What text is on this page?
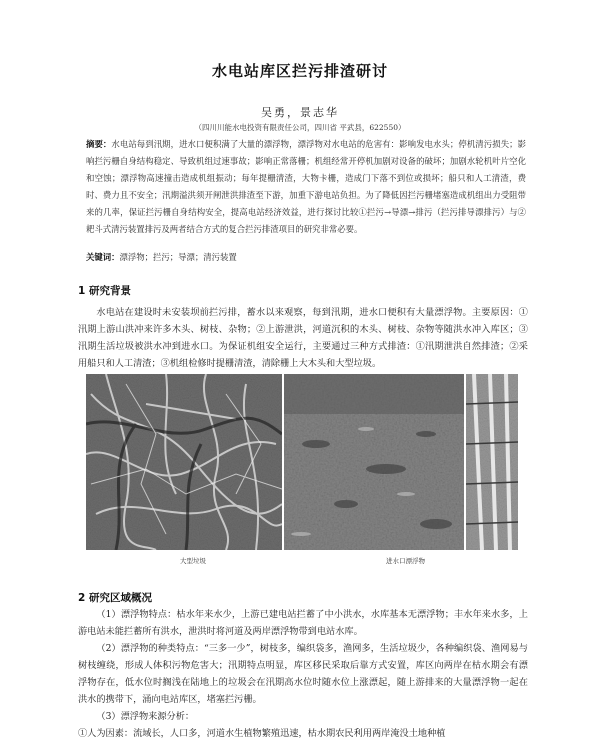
水电站库区拦污排渣研讨
吴勇，景志华
（四川川能水电投资有限责任公司，四川省 平武县，622550）
摘要：水电站每到汛期，进水口便积满了大量的漂浮物，漂浮物对水电站的危害有：影响发电水头；停机清污损失；影响拦污栅自身结构稳定、导致机组过速事故；影响正常落栅；机组经常开停机加剧对设备的破坏；加剧水轮机叶片空化和空蚀；漂浮物高速撞击造成机组振动；每年提栅清渣，大物卡栅，造成门下落不到位或损坏；船只和人工清渣，费时、费力且不安全；汛期溢洪须开闸泄洪排渣至下游，加重下游电站负担。为了降低因拦污栅堵塞造成机组出力受阻带来的几率，保证拦污栅自身结构安全，提高电站经济效益，进行探讨比较①拦污→导漂→排污（拦污排导漂排污）与②耙斗式清污装置排污及两者结合方式的复合拦污排渣项目的研究非常必要。
关键词：漂浮物；拦污；导漂；清污装置
1 研究背景

水电站在建设时未安装坝前拦污排，蓄水以来观察，每到汛期，进水口便积有大量漂浮物。主要原因：①汛期上游山洪冲来许多木头、树枝、杂物；②上游泄洪，河道沉积的木头、树枝、杂物等随洪水冲入库区；③汛期生活垃圾被洪水冲到进水口。为保证机组安全运行，主要通过三种方式排渣：①汛期泄洪自然排渣；②采用船只和人工清渣；③机组检修时提栅清渣，清除栅上大木头和大型垃圾。

大型垃圾	进水口漂浮物
2 研究区域概况

（1）漂浮物特点：枯水年来水少，上游已建电站拦蓄了中小洪水，水库基本无漂浮物；丰水年来水多，上游电站未能拦蓄所有洪水，泄洪时将河道及两岸漂浮物带到电站水库。

（2）漂浮物的种类特点：“三多一少”，树枝多，编织袋多，渔网多，生活垃圾少，各种编织袋、渔网易与树枝缠绕，形成人体积污物危害大；汛期特点明显，库区移民采取后靠方式安置，库区向两岸在枯水期会有漂浮物存在，低水位时搁浅在陆地上的垃圾会在汛期高水位时随水位上涨漂起，随上游排来的大量漂浮物一起在洪水的携带下，涌向电站库区，堵塞拦污栅。

（3）漂浮物来源分析：

①人为因素：流域长，人口多，河道水生植物繁殖迅速，枯水期农民利用两岸淹没土地种植
